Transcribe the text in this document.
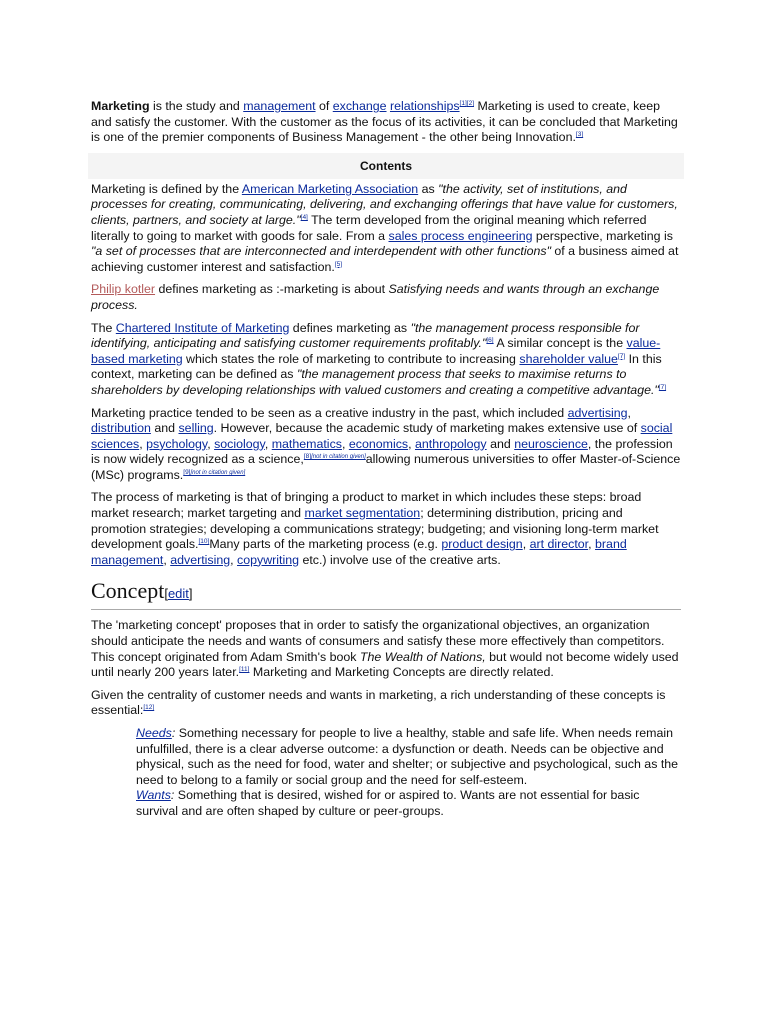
Marketing is the study and management of exchange relationships[1][2] Marketing is used to create, keep and satisfy the customer. With the customer as the focus of its activities, it can be concluded that Marketing is one of the premier components of Business Management - the other being Innovation.[3]

Contents

Marketing is defined by the American Marketing Association as "the activity, set of institutions, and processes for creating, communicating, delivering, and exchanging offerings that have value for customers, clients, partners, and society at large."[4] The term developed from the original meaning which referred literally to going to market with goods for sale. From a sales process engineering perspective, marketing is "a set of processes that are interconnected and interdependent with other functions" of a business aimed at achieving customer interest and satisfaction.[5]

Philip kotler defines marketing as :-marketing is about Satisfying needs and wants through an exchange process.

The Chartered Institute of Marketing defines marketing as "the management process responsible for identifying, anticipating and satisfying customer requirements profitably."[6] A similar concept is the value-based marketing which states the role of marketing to contribute to increasing shareholder value[7] In this context, marketing can be defined as "the management process that seeks to maximise returns to shareholders by developing relationships with valued customers and creating a competitive advantage."[7]

Marketing practice tended to be seen as a creative industry in the past, which included advertising, distribution and selling. However, because the academic study of marketing makes extensive use of social sciences, psychology, sociology, mathematics, economics, anthropology and neuroscience, the profession is now widely recognized as a science,[8][not in citation given]allowing numerous universities to offer Master-of-Science (MSc) programs.[9][not in citation given]

The process of marketing is that of bringing a product to market in which includes these steps: broad market research; market targeting and market segmentation; determining distribution, pricing and promotion strategies; developing a communications strategy; budgeting; and visioning long-term market development goals.[10]Many parts of the marketing process (e.g. product design, art director, brand management, advertising, copywriting etc.) involve use of the creative arts.

Concept[edit]

The 'marketing concept' proposes that in order to satisfy the organizational objectives, an organization should anticipate the needs and wants of consumers and satisfy these more effectively than competitors. This concept originated from Adam Smith's book The Wealth of Nations, but would not become widely used until nearly 200 years later.[11] Marketing and Marketing Concepts are directly related.

Given the centrality of customer needs and wants in marketing, a rich understanding of these concepts is essential:[12]

Needs: Something necessary for people to live a healthy, stable and safe life. When needs remain unfulfilled, there is a clear adverse outcome: a dysfunction or death. Needs can be objective and physical, such as the need for food, water and shelter; or subjective and psychological, such as the need to belong to a family or social group and the need for self-esteem.
Wants: Something that is desired, wished for or aspired to. Wants are not essential for basic survival and are often shaped by culture or peer-groups.
